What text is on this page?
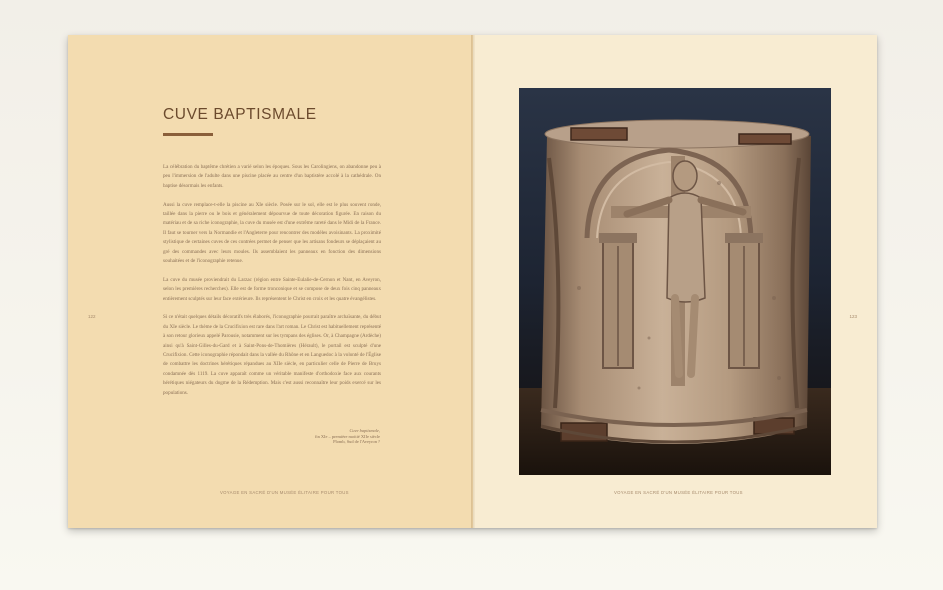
CUVE BAPTISMALE

La célébration du baptême chrétien a varié selon les époques. Sous les Carolingiens, on abandonne peu à peu l'immersion de l'adulte dans une piscine placée au centre d'un baptistère accolé à la cathédrale. On baptise désormais les enfants.

Aussi la cuve remplace-t-elle la piscine au XIe siècle. Posée sur le sol, elle est le plus souvent ronde, taillée dans la pierre ou le bois et généralement dépourvue de toute décoration figurée. En raison du matériau et de sa riche iconographie, la cuve du musée est d'une extrême rareté dans le Midi de la France. Il faut se tourner vers la Normandie et l'Angleterre pour rencontrer des modèles avoisinants. La proximité stylistique de certaines cuves de ces contrées permet de penser que les artisans fondeurs se déplaçaient au gré des commandes avec leurs moules. Ils assemblaient les panneaux en fonction des dimensions souhaitées et de l'iconographie retenue.

La cuve du musée proviendrait du Larzac (région entre Sainte-Eulalie-de-Cernon et Nant, en Aveyron, selon les premières recherches). Elle est de forme tronconique et se compose de deux fois cinq panneaux entièrement sculptés sur leur face extérieure. Ils représentent le Christ en croix et les quatre évangélistes.

Si ce n'était quelques détails décoratifs très élaborés, l'iconographie pourrait paraître archaïsante, du début du XIe siècle. Le thème de la Crucifixion est rare dans l'art roman. Le Christ est habituellement représenté à son retour glorieux appelé Parousie, notamment sur les tympans des églises. Or, à Champagne (Ardèche) ainsi qu'à Saint-Gilles-du-Gard et à Saint-Pons-de-Thomières (Hérault), le portail est sculpté d'une Crucifixion. Cette iconographie répondait dans la vallée du Rhône et en Languedoc à la volonté de l'Église de combattre les doctrines hérétiques répandues au XIIe siècle, en particulier celle de Pierre de Bruys condamnée dès 1119. La cuve apparaît comme un véritable manifeste d'orthodoxie face aux courants hérétiques niégateurs du dogme de la Rédemption. Mais c'est aussi reconnaître leur poids exercé sur les populations.

Cuve baptismale,
fin XIe – première moitié XIIe siècle
Plomb, Sud de l'Aveyron ?
122
VOYAGE EN SACRÉ D'UN MUSÉE ÉLITAIRE POUR TOUS
123
VOYAGE EN SACRÉ D'UN MUSÉE ÉLITAIRE POUR TOUS
